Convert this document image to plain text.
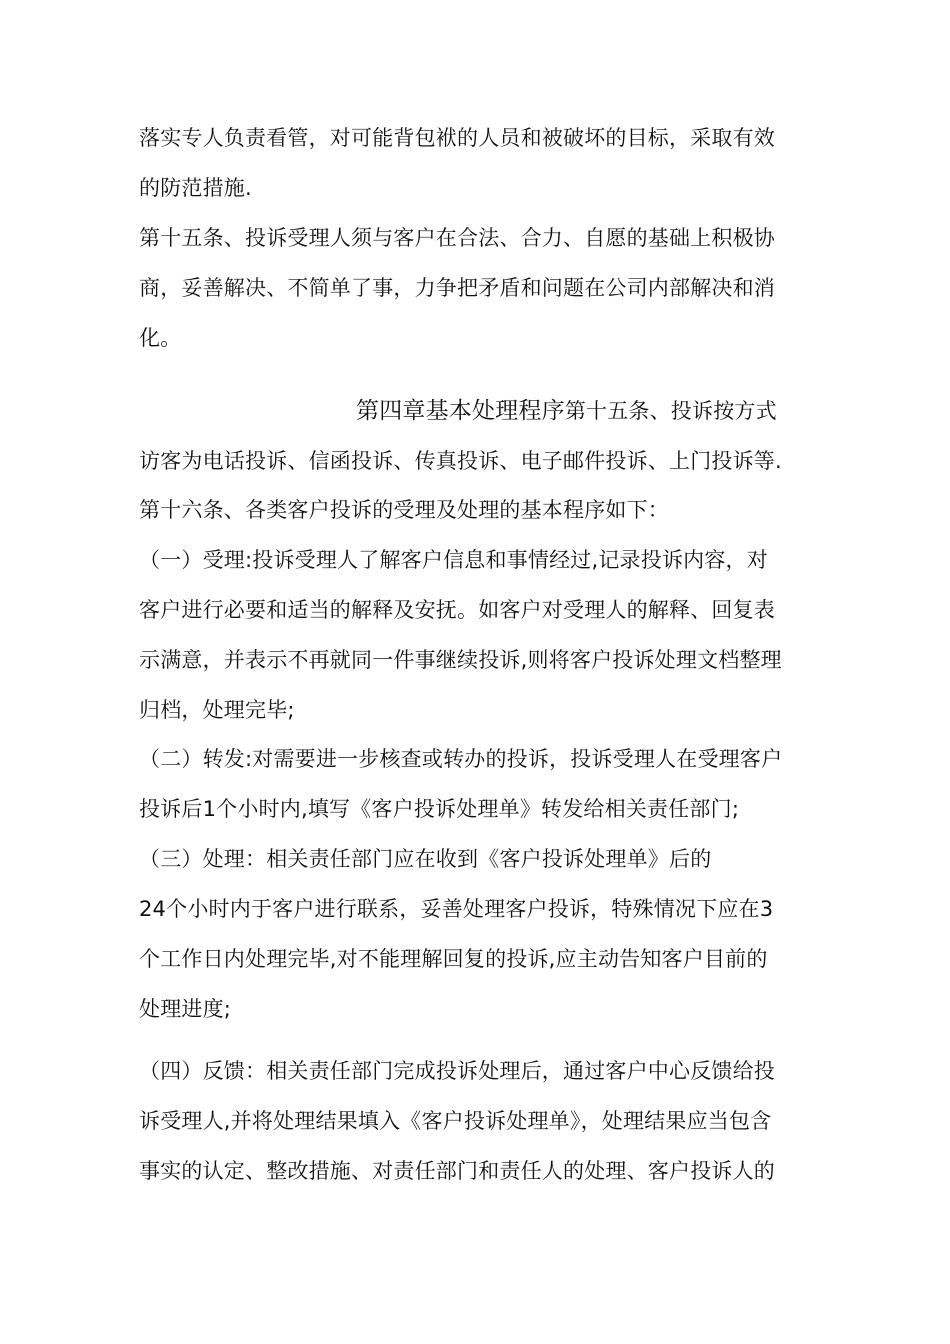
落实专人负责看管，对可能背包袱的人员和被破坏的目标，采取有效
的防范措施.
第十五条、投诉受理人须与客户在合法、合力、自愿的基础上积极协
商，妥善解决、不简单了事，力争把矛盾和问题在公司内部解决和消
化。
第四章基本处理程序第十五条、投诉按方式
访客为电话投诉、信函投诉、传真投诉、电子邮件投诉、上门投诉等.
第十六条、各类客户投诉的受理及处理的基本程序如下：
（一）受理:投诉受理人了解客户信息和事情经过,记录投诉内容，对
客户进行必要和适当的解释及安抚。如客户对受理人的解释、回复表
示满意，并表示不再就同一件事继续投诉,则将客户投诉处理文档整理
归档，处理完毕;
（二）转发:对需要进一步核查或转办的投诉，投诉受理人在受理客户
投诉后1个小时内,填写《客户投诉处理单》转发给相关责任部门;
（三）处理：相关责任部门应在收到《客户投诉处理单》后的
24个小时内于客户进行联系，妥善处理客户投诉，特殊情况下应在3
个工作日内处理完毕,对不能理解回复的投诉,应主动告知客户目前的
处理进度;
（四）反馈：相关责任部门完成投诉处理后，通过客户中心反馈给投
诉受理人,并将处理结果填入《客户投诉处理单》，处理结果应当包含
事实的认定、整改措施、对责任部门和责任人的处理、客户投诉人的
